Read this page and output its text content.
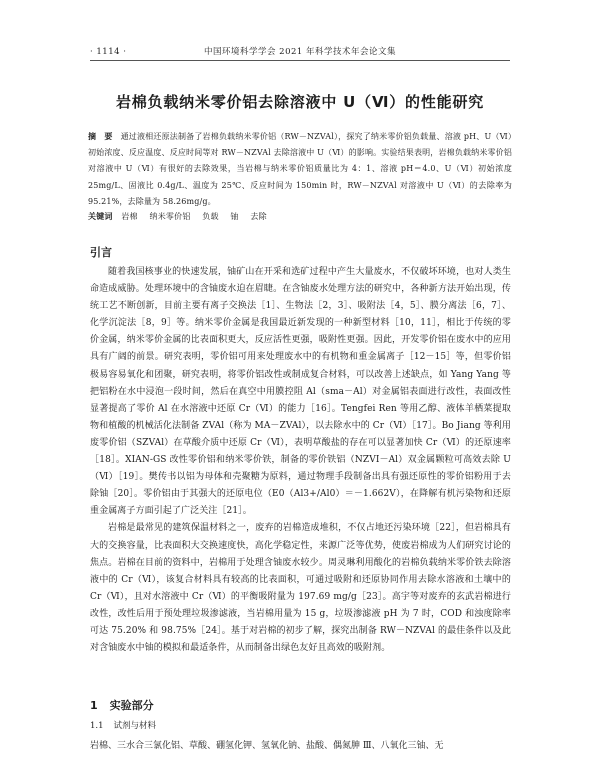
· 1114 ·	中国环境科学学会 2021 年科学技术年会论文集
岩棉负载纳米零价铝去除溶液中 U（Ⅵ）的性能研究
摘　要 通过液相还原法制备了岩棉负载纳米零价铝（RW－NZVAl），探究了纳米零价铝负载量、溶液 pH、U（Ⅵ）初始浓度、反应温度、反应时间等对 RW－NZVAl 去除溶液中 U（Ⅵ）的影响。实验结果表明，岩棉负载纳米零价铝对溶液中 U（Ⅵ）有很好的去除效果，当岩棉与纳米零价铝质量比为 4：1、溶液 pH＝4.0、U（Ⅵ）初始浓度 25mg/L、固液比 0.4g/L、温度为 25℃、反应时间为 150min 时，RW－NZVAl 对溶液中 U（Ⅵ）的去除率为 95.21%，去除量为 58.26mg/g。
关键词 岩棉 纳米零价铝 负载 铀 去除
引言

随着我国核事业的快速发展，铀矿山在开采和选矿过程中产生大量废水，不仅破坏环境，也对人类生命造成威胁。处理环境中的含铀废水迫在眉睫。在含铀废水处理方法的研究中，各种新方法开始出现，传统工艺不断创新，目前主要有离子交换法［1］、生物法［2，3］、吸附法［4，5］、膜分离法［6，7］、化学沉淀法［8，9］等。纳米零价金属是我国最近新发现的一种新型材料［10，11］，相比于传统的零价金属，纳米零价金属的比表面积更大，反应活性更强，吸附性更强。因此，开发零价铝在废水中的应用具有广阔的前景。研究表明，零价铝可用来处理废水中的有机物和重金属离子［12－15］等，但零价铝极易容易氧化和团聚，研究表明，将零价铝改性或制成复合材料，可以改善上述缺点，如 Yang Yang 等把铝粉在水中浸泡一段时间，然后在真空中用膜控阻 Al（sma－Al）对金属铝表面进行改性，表面改性显著提高了零价 Al 在水溶液中还原 Cr（Ⅵ）的能力［16］。Tengfei Ren 等用乙醇、液体羊栖菜提取物和植酸的机械活化法制备 ZVAl（称为 MA－ZVAl），以去除水中的 Cr（Ⅵ）［17］。Bo Jiang 等利用废零价铝（SZVAl）在草酸介质中还原 Cr（Ⅵ），表明草酸盐的存在可以显著加快 Cr（Ⅵ）的还原速率［18］。XIAN-GS 改性零价铝和纳米零价铁，制备的零价铁铝（NZVI－Al）双金属颗粒可高效去除 U（Ⅵ）［19］。樊传书以铝为母体和壳聚糖为原料，通过物理手段制备出具有强还原性的零价铝粉用于去除铀［20］。零价铝由于其强大的还原电位（E0（Al3+/Al0）＝－1.662V），在降解有机污染物和还原重金属离子方面引起了广泛关注［21］。

岩棉是最常见的建筑保温材料之一，废弃的岩棉造成堆积，不仅占地还污染环境［22］，但岩棉具有大的交换容量，比表面积大交换速度快，高化学稳定性，来源广泛等优势，使废岩棉成为人们研究讨论的焦点。岩棉在目前的资料中，岩棉用于处理含铀废水较少。周灵琳利用酸化的岩棉负载纳米零价铁去除溶液中的 Cr（Ⅵ），该复合材料具有较高的比表面积，可通过吸附和还原协同作用去除水溶液和土壤中的 Cr（Ⅵ），且对水溶液中 Cr（Ⅵ）的平衡吸附量为 197.69 mg/g［23］。高宇等对废弃的玄武岩棉进行改性，改性后用于预处理垃圾渗滤液，当岩棉用量为 15 g，垃圾渗滤液 pH 为 7 时，COD 和浊度除率可达 75.20% 和 98.75%［24］。基于对岩棉的初步了解，探究出制备 RW－NZVAl 的最佳条件以及此对含铀废水中铀的模拟和最适条件，从而制备出绿色友好且高效的吸附剂。

1 实验部分
1.1 试剂与材料
岩棉、三水合三氯化铝、草酸、硼氢化钾、氢氧化钠、盐酸、偶氮胂 Ⅲ、八氧化三铀、无
